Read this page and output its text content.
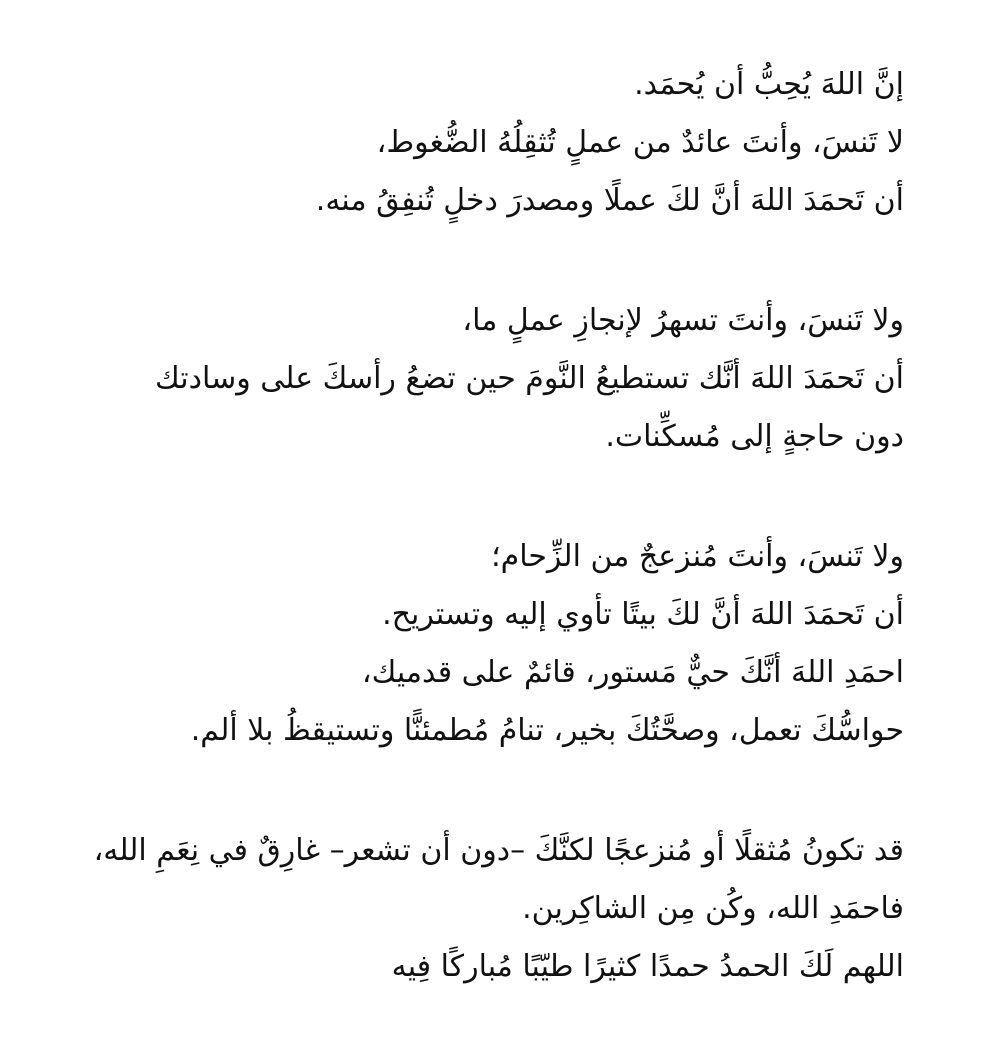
إنَّ اللهَ يُحِبُّ أن يُحمَد.
لا تَنسَ، وأنتَ عائدٌ من عملٍ تُثقِلُهُ الضُّغوط،
أن تَحمَدَ اللهَ أنَّ لكَ عملًا ومصدرَ دخلٍ تُنفِقُ منه.
ولا تَنسَ، وأنتَ تسهرُ لإنجازِ عملٍ ما،
أن تَحمَدَ اللهَ أنَّك تستطيعُ النَّومَ حين تضعُ رأسكَ على وسادتك
دون حاجةٍ إلى مُسكِّنات.
ولا تَنسَ، وأنتَ مُنزعجٌ من الزِّحام؛
أن تَحمَدَ اللهَ أنَّ لكَ بيتًا تأوي إليه وتستريح.
احمَدِ اللهَ أنَّكَ حيٌّ مَستور، قائمٌ على قدميك،
حواسُّكَ تعمل، وصحَّتُكَ بخير، تنامُ مُطمئنًّا وتستيقظُ بلا ألم.
قد تكونُ مُثقلًا أو مُنزعجًا لكنَّكَ –دون أن تشعر– غارِقٌ في نِعَمِ الله،
فاحمَدِ الله، وكُن مِن الشاكِرين.
اللهم لَكَ الحمدُ حمدًا كثيرًا طيّبًا مُباركًا فِيه
